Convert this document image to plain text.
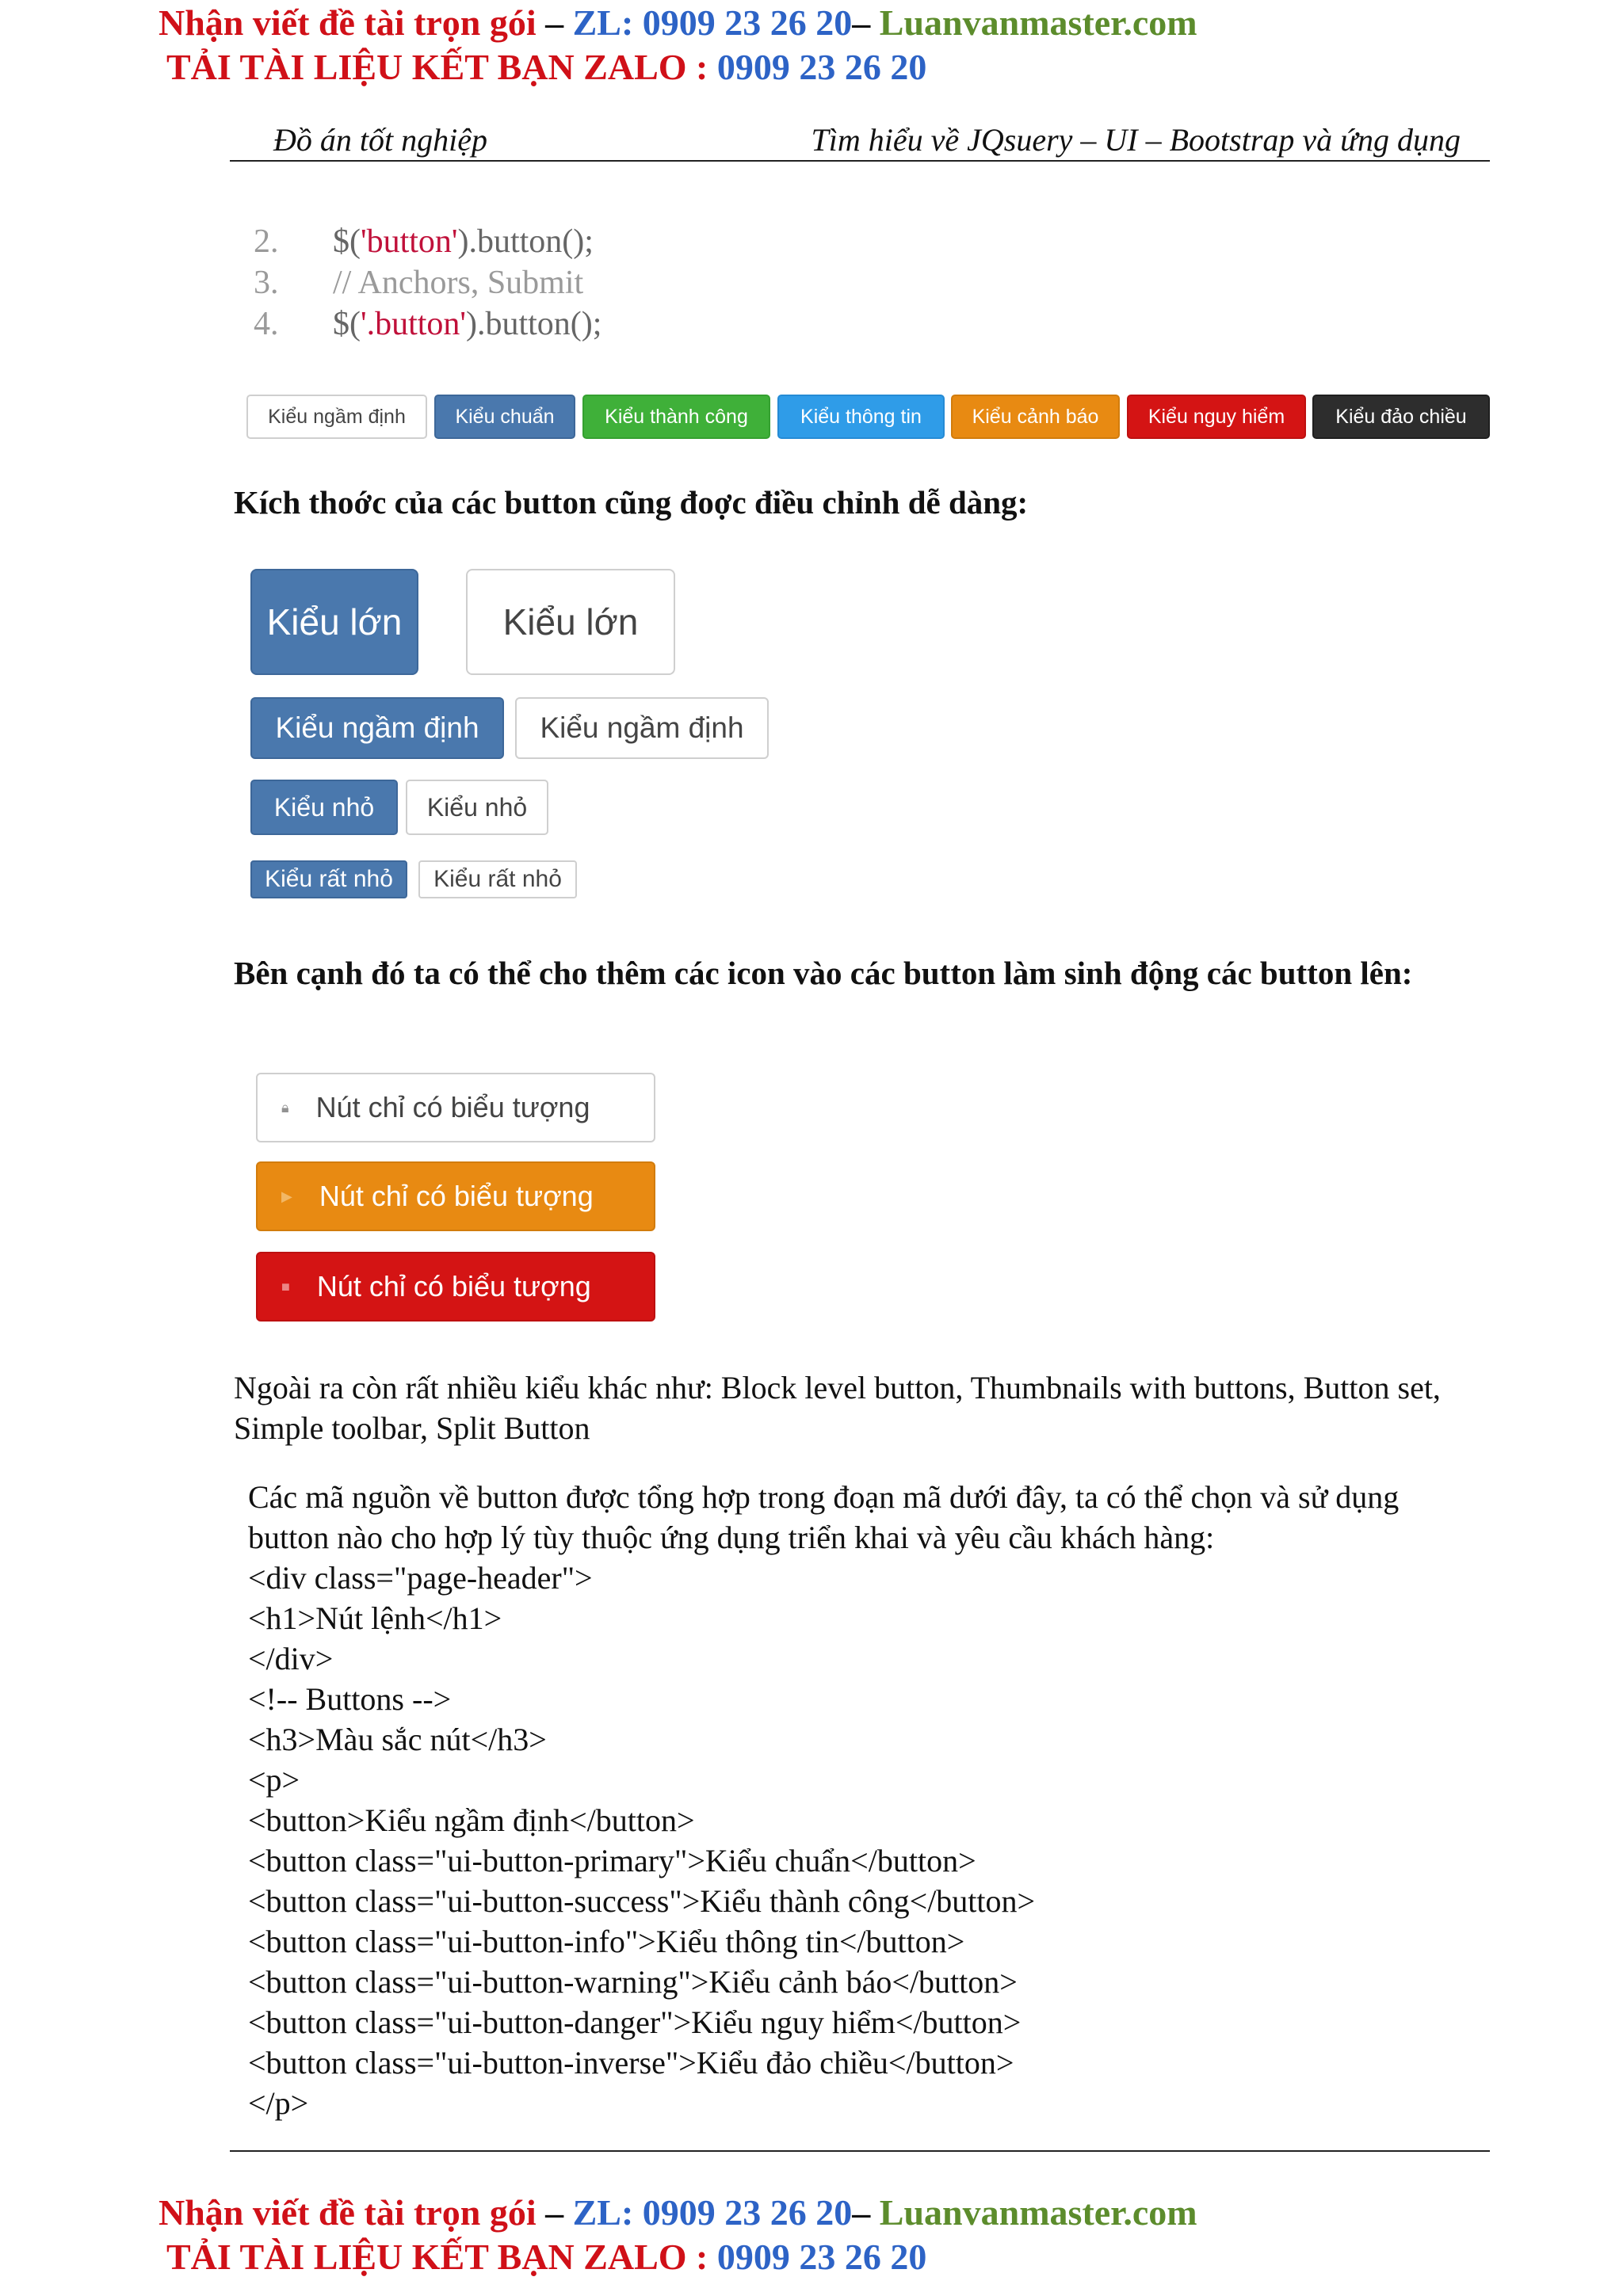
Nhận viết đề tài trọn gói – ZL: 0909 23 26 20– Luanvanmaster.com
TẢI TÀI LIỆU KẾT BẠN ZALO : 0909 23 26 20
Đồ án tốt nghiệp	Tìm hiểu về JQsuery – UI – Bootstrap và ứng dụng
2. $('button').button();
3. // Anchors, Submit
4. $('.button').button();
Kiểu ngầm định	Kiểu chuẩn	Kiểu thành công	Kiểu thông tin	Kiểu cảnh báo	Kiểu nguy hiểm	Kiểu đảo chiều
Kích thoớc của các button cũng đoợc điều chỉnh dễ dàng:
Kiểu lớn	Kiểu lớn
Kiểu ngầm định	Kiểu ngầm định
Kiểu nhỏ	Kiểu nhỏ
Kiểu rất nhỏ	Kiểu rất nhỏ
Bên cạnh đó ta có thể cho thêm các icon vào các button làm sinh động các button lên:
🔒︎ Nút chỉ có biểu tượng
▶ Nút chỉ có biểu tượng
■ Nút chỉ có biểu tượng
Ngoài ra còn rất nhiều kiểu khác như: Block level button, Thumbnails with buttons, Button set, Simple toolbar, Split Button
Các mã nguồn về button được tổng hợp trong đoạn mã dưới đây, ta có thể chọn và sử dụng button nào cho hợp lý tùy thuộc ứng dụng triển khai và yêu cầu khách hàng:
<div class="page-header">
<h1>Nút lệnh</h1>
</div>
<!-- Buttons -->
<h3>Màu sắc nút</h3>
<p>
<button>Kiểu ngầm định</button>
<button class="ui-button-primary">Kiểu chuẩn</button>
<button class="ui-button-success">Kiểu thành công</button>
<button class="ui-button-info">Kiểu thông tin</button>
<button class="ui-button-warning">Kiểu cảnh báo</button>
<button class="ui-button-danger">Kiểu nguy hiểm</button>
<button class="ui-button-inverse">Kiểu đảo chiều</button>
</p>
Nhận viết đề tài trọn gói – ZL: 0909 23 26 20– Luanvanmaster.com
TẢI TÀI LIỆU KẾT BẠN ZALO : 0909 23 26 20
